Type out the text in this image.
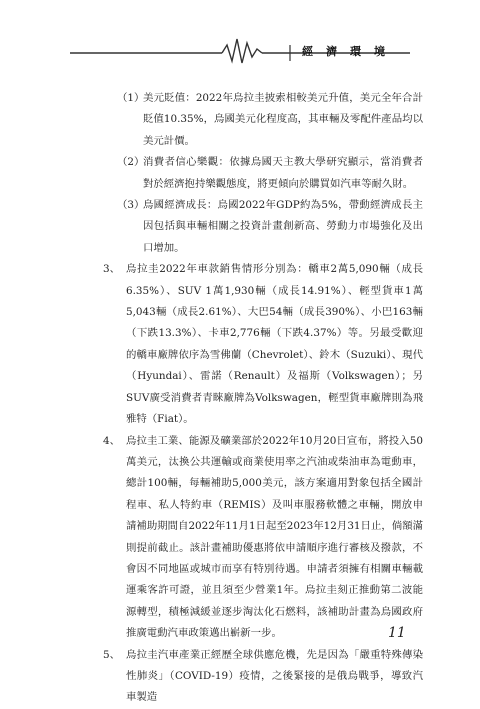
經濟環境
（1）

美元貶值：2022年烏拉圭披索相較美元升值，美元全年合計貶值10.35%，烏國美元化程度高，其車輛及零配件產品均以美元計價。

（2）

消費者信心樂觀：依據烏國天主教大學研究顯示，當消費者對於經濟抱持樂觀態度，將更傾向於購買如汽車等耐久財。

（3）

烏國經濟成長：烏國2022年GDP約為5%，帶動經濟成長主因包括與車輛相關之投資計畫創新高、勞動力市場強化及出口增加。

3、 烏拉圭2022年車款銷售情形分別為：轎車2萬5,090輛（成長6.35%）、SUV 1萬1,930輛（成長14.91%）、輕型貨車1萬5,043輛（成長2.61%）、大巴54輛（成長390%）、小巴163輛（下跌13.3%）、卡車2,776輛（下跌4.37%）等。另最受歡迎的轎車廠牌依序為雪佛蘭（Chevrolet）、鈴木（Suzuki）、現代（Hyundai）、雷諾（Renault）及福斯（Volkswagen）；另SUV廣受消費者青睞廠牌為Volkswagen，輕型貨車廠牌則為飛雅特（Fiat）。

4、 烏拉圭工業、能源及礦業部於2022年10月20日宣布，將投入50萬美元，汰換公共運輸或商業使用率之汽油或柴油車為電動車，總計100輛，每輛補助5,000美元，該方案適用對象包括全國計程車、私人特約車（REMIS）及叫車服務軟體之車輛，開放申請補助期間自2022年11月1日起至2023年12月31日止，倘額滿則提前截止。該計畫補助優惠將依申請順序進行審核及撥款，不會因不同地區或城市而享有特別待遇。申請者須擁有相關車輛載運乘客許可證，並且須至少營業1年。烏拉圭刻正推動第二波能源轉型，積極減緩並逐步淘汰化石燃料，該補助計畫為烏國政府推廣電動汽車政策邁出嶄新一步。

5、 烏拉圭汽車產業正經歷全球供應危機，先是因為「嚴重特殊傳染性肺炎」（COVID-19）疫情，之後緊接的是俄烏戰爭，導致汽車製造

11
